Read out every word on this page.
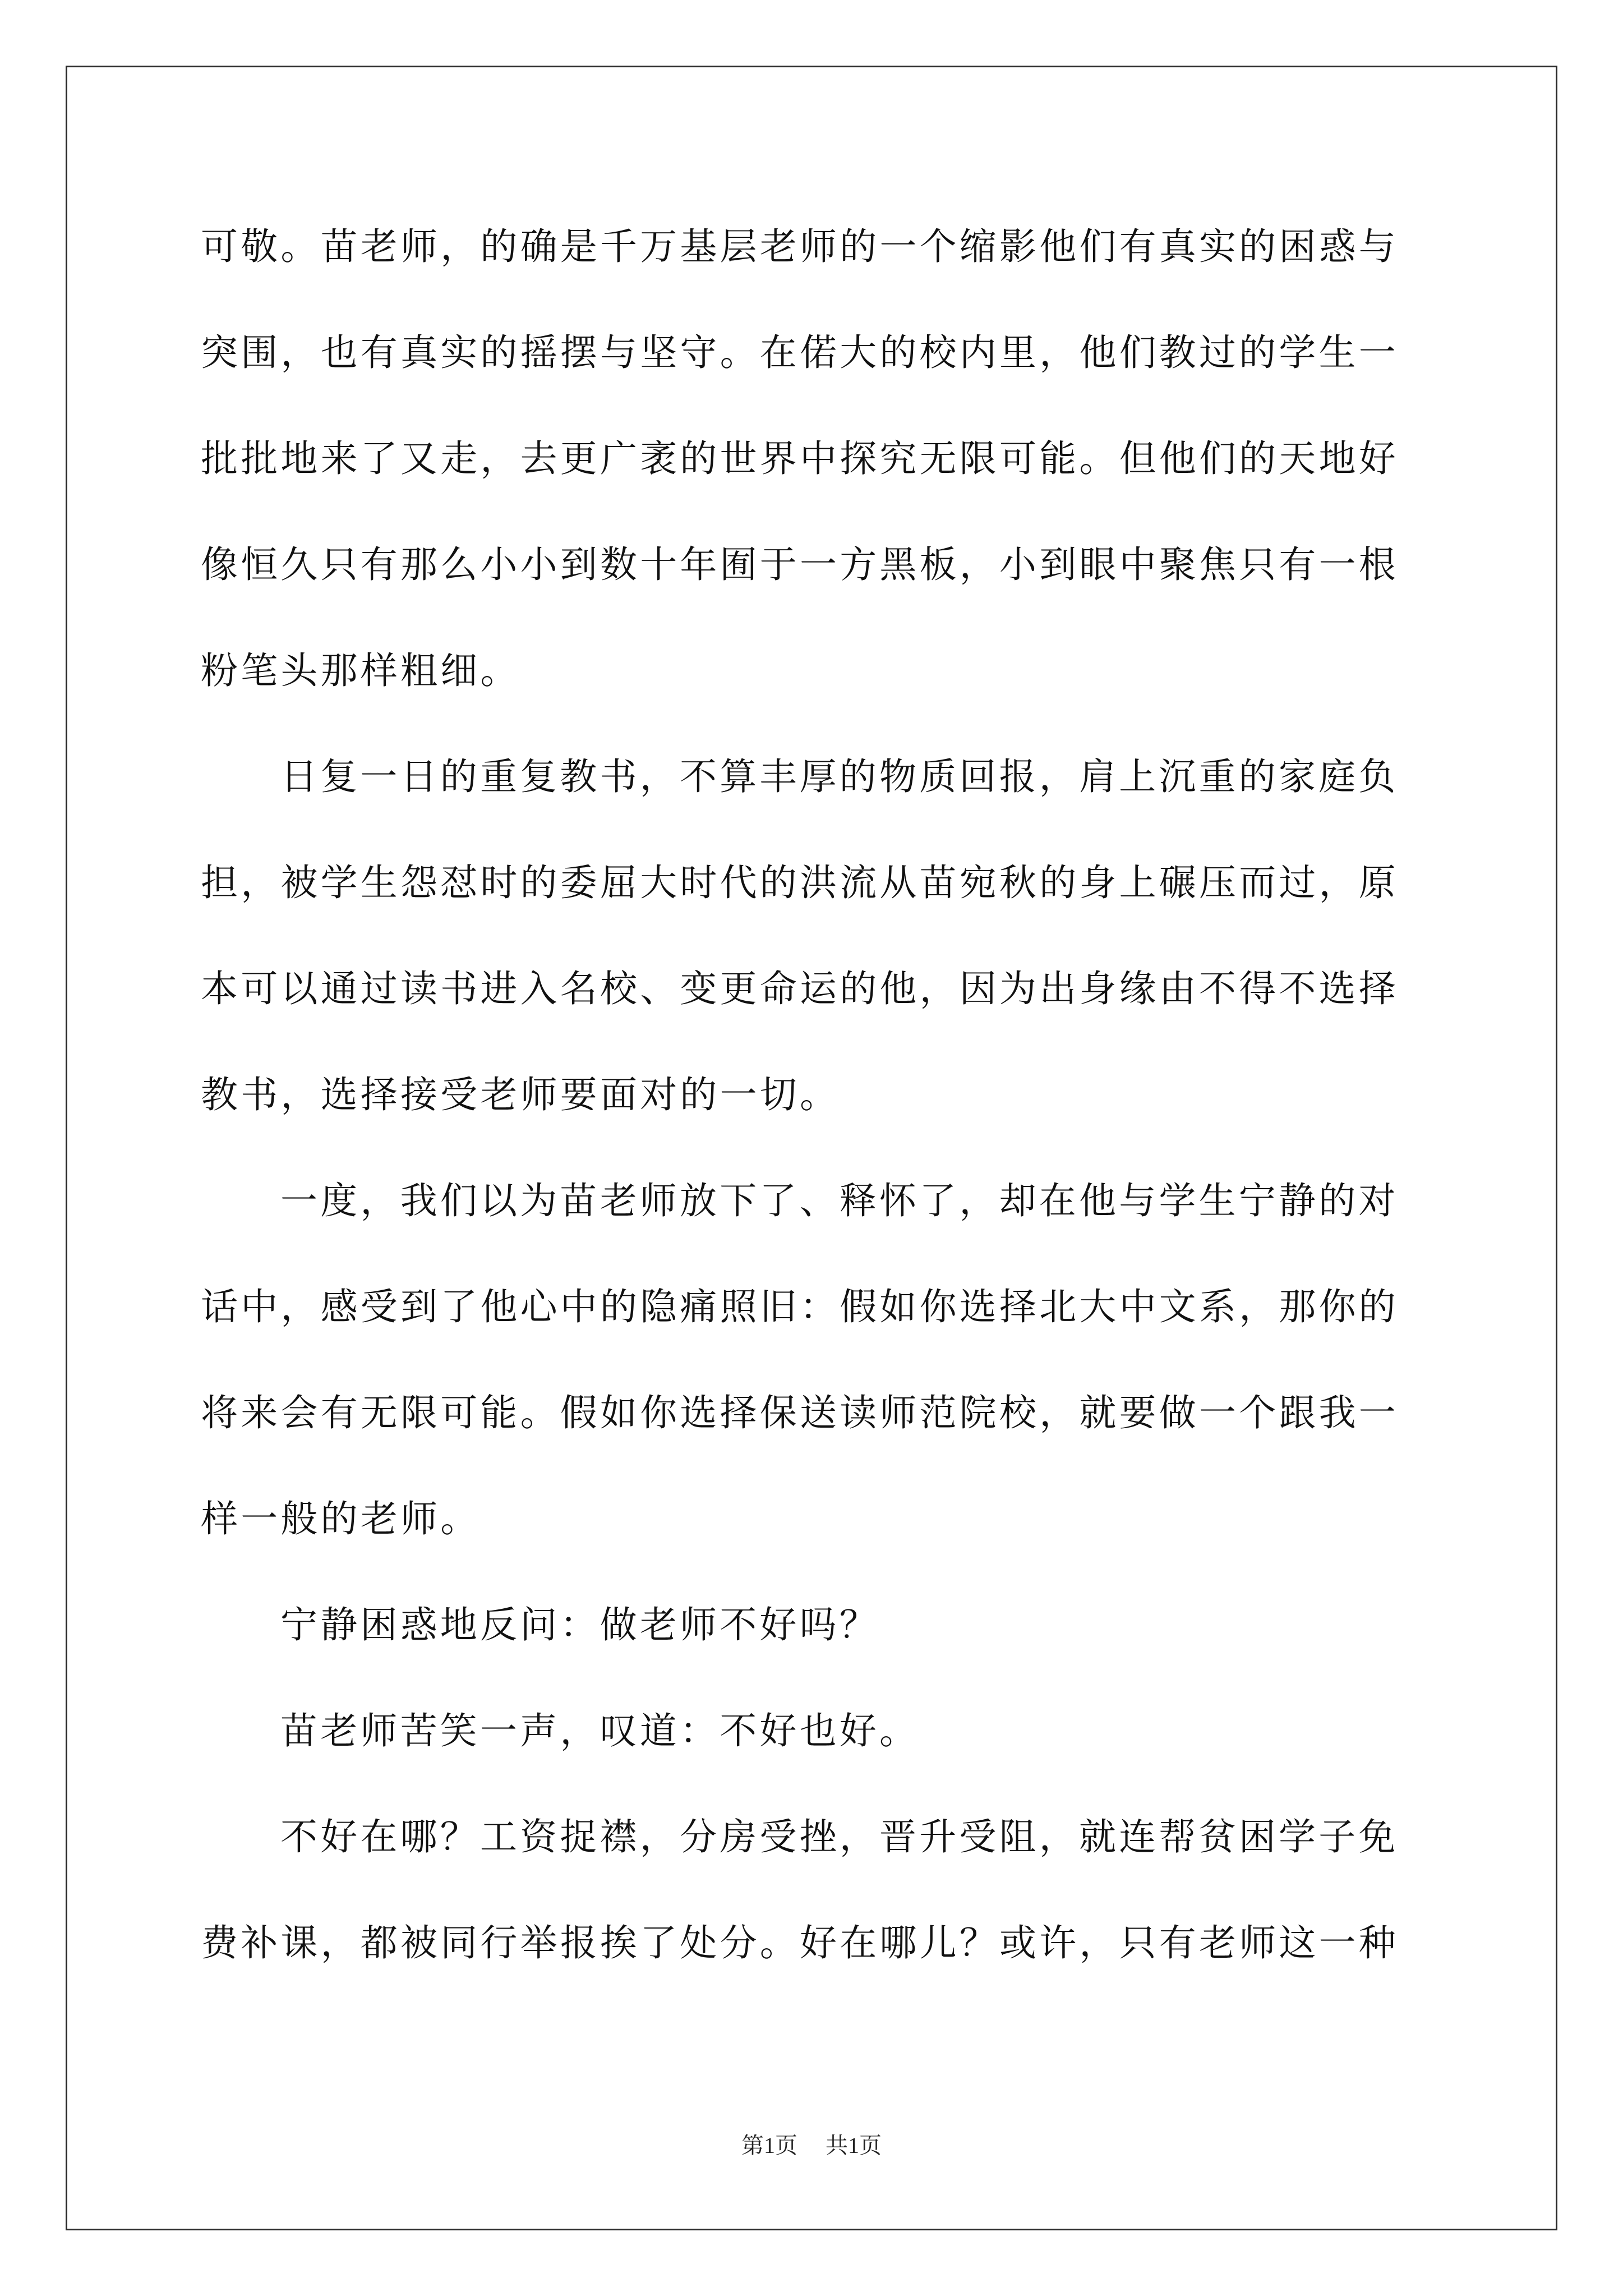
可敬。苗老师，的确是千万基层老师的一个缩影他们有真实的困惑与
突围，也有真实的摇摆与坚守。在偌大的校内里，他们教过的学生一
批批地来了又走，去更广袤的世界中探究无限可能。但他们的天地好
像恒久只有那么小小到数十年囿于一方黑板，小到眼中聚焦只有一根
粉笔头那样粗细。
日复一日的重复教书，不算丰厚的物质回报，肩上沉重的家庭负
担，被学生怨怼时的委屈大时代的洪流从苗宛秋的身上碾压而过，原
本可以通过读书进入名校、变更命运的他，因为出身缘由不得不选择
教书，选择接受老师要面对的一切。
一度，我们以为苗老师放下了、释怀了，却在他与学生宁静的对
话中，感受到了他心中的隐痛照旧：假如你选择北大中文系，那你的
将来会有无限可能。假如你选择保送读师范院校，就要做一个跟我一
样一般的老师。
宁静困惑地反问：做老师不好吗？
苗老师苦笑一声，叹道：不好也好。
不好在哪？工资捉襟，分房受挫，晋升受阻，就连帮贫困学子免
费补课，都被同行举报挨了处分。好在哪儿？或许，只有老师这一种
第1页 共1页
